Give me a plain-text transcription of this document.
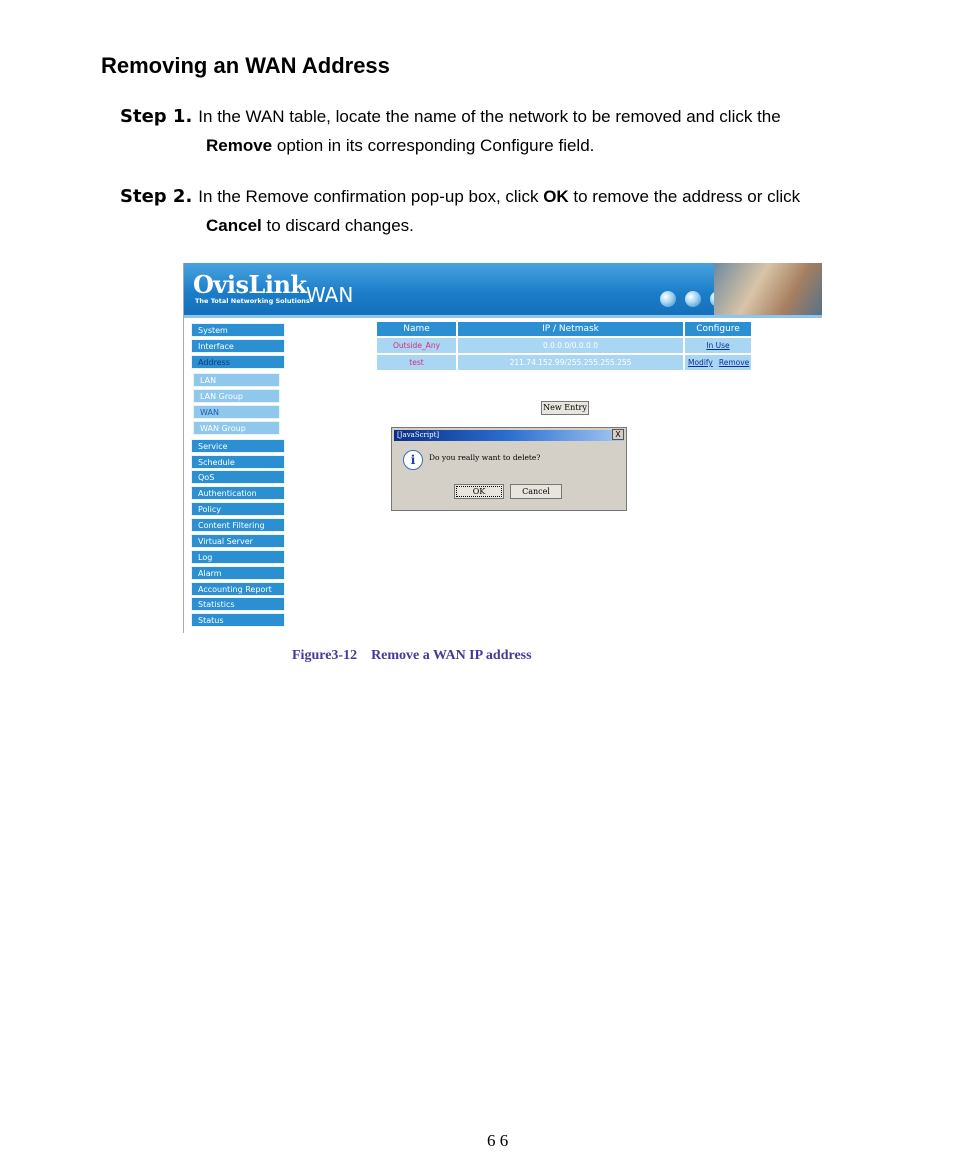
Removing an WAN Address
Step 1. In the WAN table, locate the name of the network to be removed and click the
Remove option in its corresponding Configure field.
Step 2. In the Remove confirmation pop-up box, click OK to remove the address or click
Cancel to discard changes.
OvisLink
The Total Networking Solutions
WAN
System
Interface
Address
LAN
LAN Group
WAN
WAN Group
Service
Schedule
QoS
Authentication
Policy
Content Filtering
Virtual Server
Log
Alarm
Accounting Report
Statistics
Status
Name	IP / Netmask	Configure
Outside_Any	0.0.0.0/0.0.0.0	In Use
test	211.74.152.99/255.255.255.255	Modify Remove
New Entry
[JavaScript]	X
i	Do you really want to delete?
OK	Cancel
Figure3-12    Remove a WAN IP address
6 6
